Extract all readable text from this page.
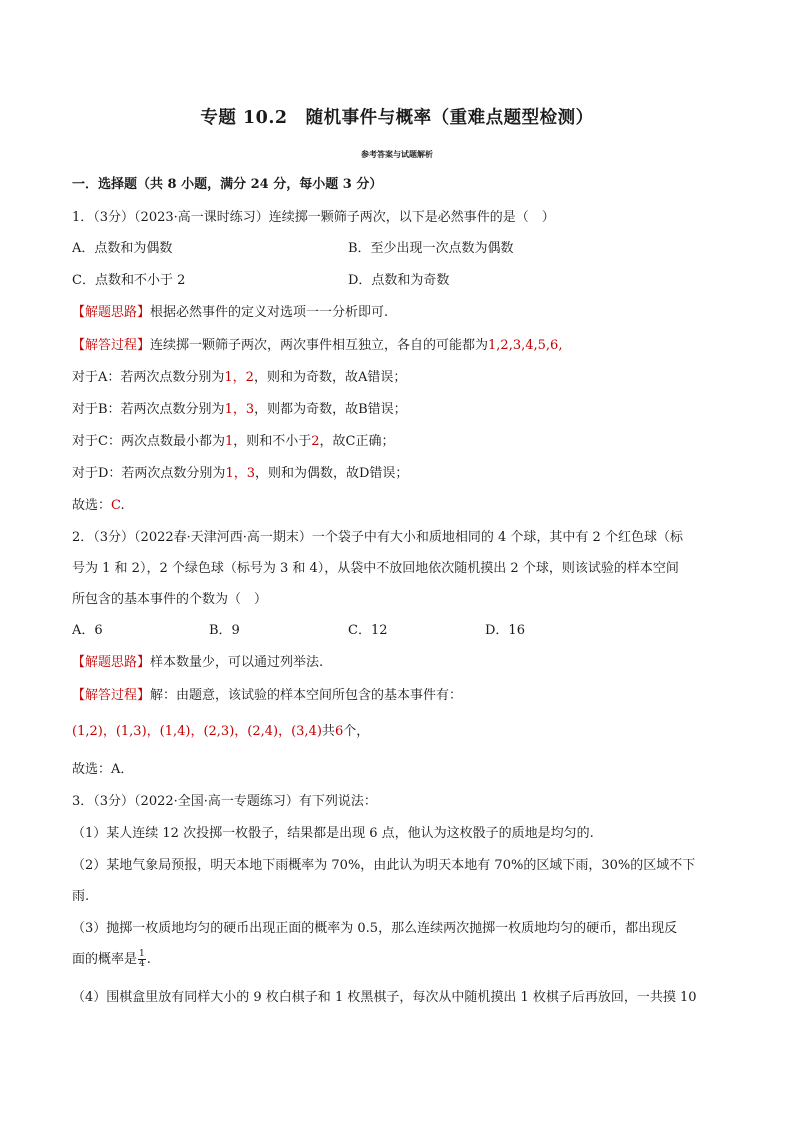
专题 10.2　随机事件与概率（重难点题型检测）
参考答案与试题解析
一．选择题（共 8 小题，满分 24 分，每小题 3 分）
1．（3分）（2023·高一课时练习）连续掷一颗筛子两次，以下是必然事件的是（　）
A．点数和为偶数	B．至少出现一次点数为偶数
C．点数和不小于 2	D．点数和为奇数
【解题思路】根据必然事件的定义对选项一一分析即可.
【解答过程】连续掷一颗筛子两次，两次事件相互独立，各自的可能都为1,2,3,4,5,6,
对于A：若两次点数分别为1，2，则和为奇数，故A错误；
对于B：若两次点数分别为1，3，则都为奇数，故B错误；
对于C：两次点数最小都为1，则和不小于2，故C正确；
对于D：若两次点数分别为1，3，则和为偶数，故D错误；
故选：C.
2．（3分）（2022春·天津河西·高一期末）一个袋子中有大小和质地相同的 4 个球，其中有 2 个红色球（标
号为 1 和 2），2 个绿色球（标号为 3 和 4），从袋中不放回地依次随机摸出 2 个球，则该试验的样本空间
所包含的基本事件的个数为（　）
A．6	B．9	C．12	D．16
【解题思路】样本数量少，可以通过列举法.
【解答过程】解：由题意，该试验的样本空间所包含的基本事件有：
(1,2)，(1,3)，(1,4)，(2,3)，(2,4)，(3,4)共6个，
故选：A．
3．（3分）（2022·全国·高一专题练习）有下列说法：
（1）某人连续 12 次投掷一枚骰子，结果都是出现 6 点，他认为这枚骰子的质地是均匀的.
（2）某地气象局预报，明天本地下雨概率为 70%，由此认为明天本地有 70%的区域下雨，30%的区域不下
雨.
（3）抛掷一枚质地均匀的硬币出现正面的概率为 0.5，那么连续两次抛掷一枚质地均匀的硬币，都出现反
面的概率是 $\frac{1}{4}$ .
（4）围棋盒里放有同样大小的 9 枚白棋子和 1 枚黑棋子，每次从中随机摸出 1 枚棋子后再放回，一共摸 10
